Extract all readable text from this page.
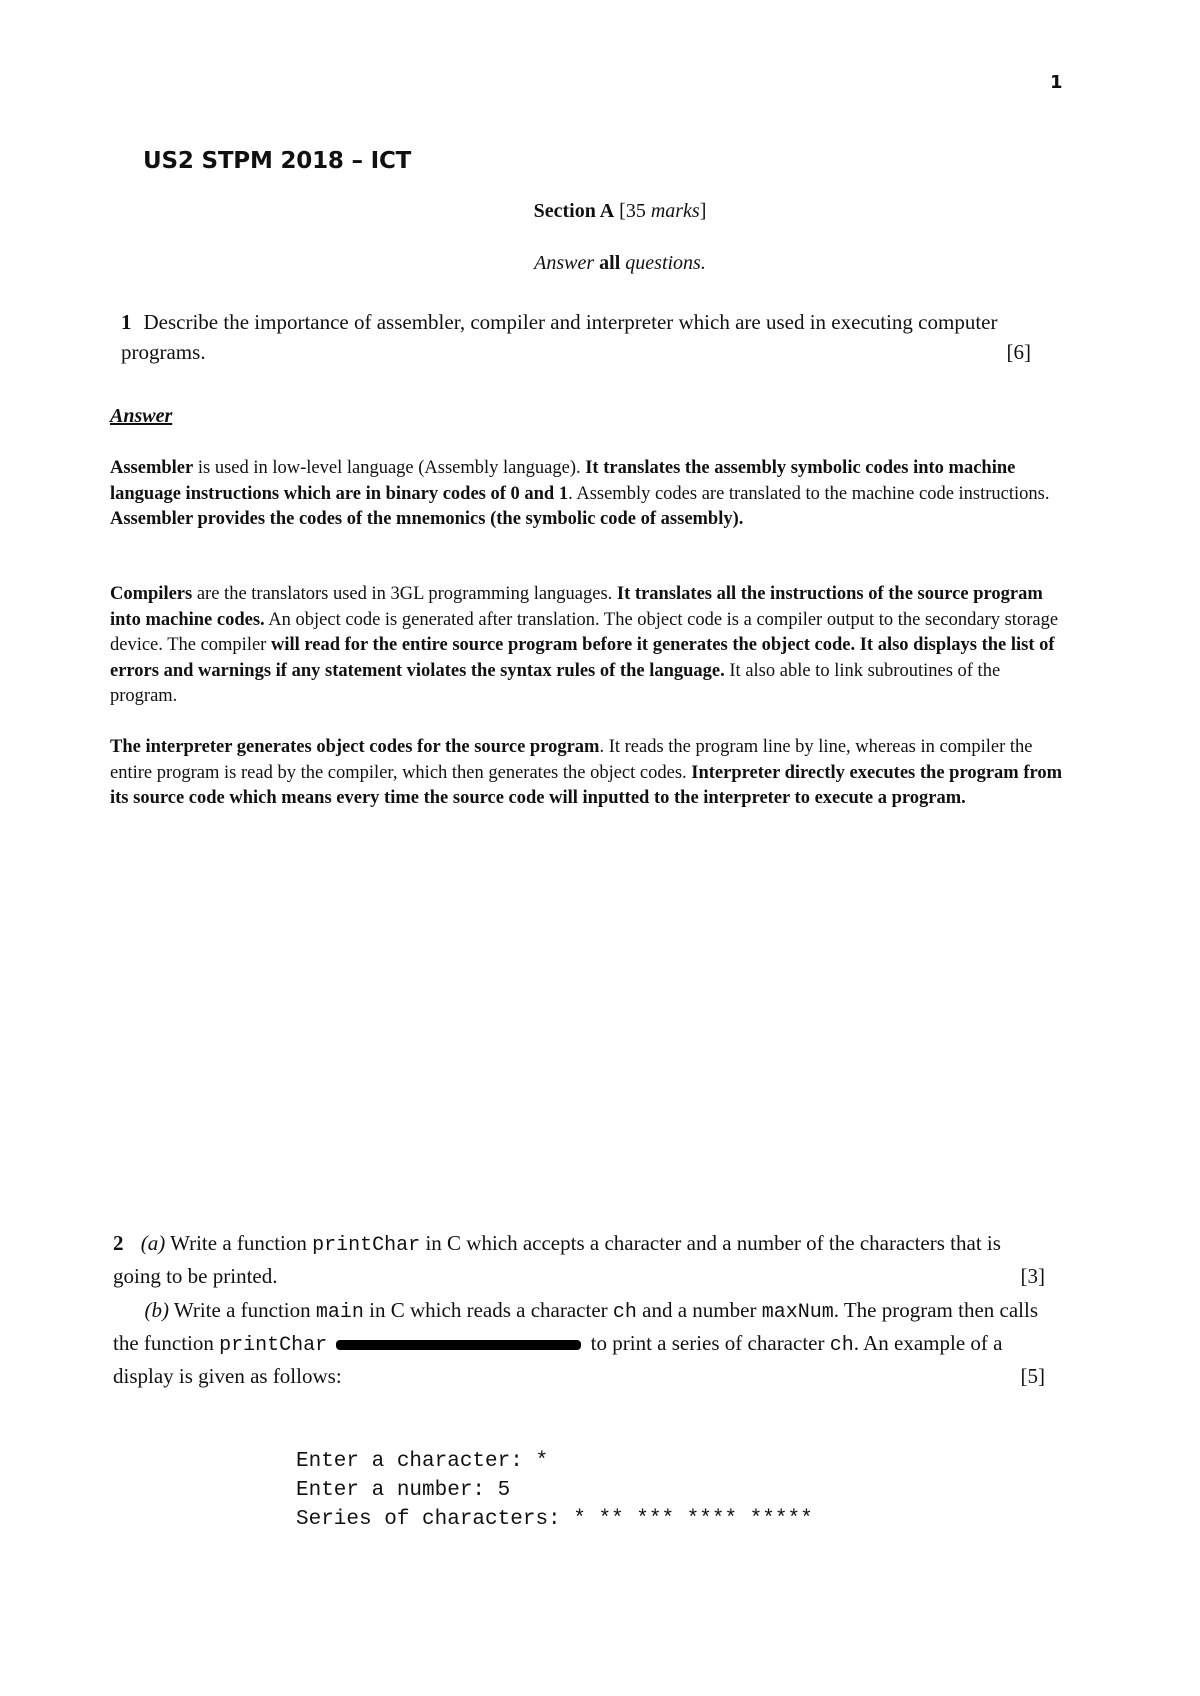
1
US2 STPM 2018 – ICT
Section A [35 marks]
Answer all questions.
1 Describe the importance of assembler, compiler and interpreter which are used in executing computer programs.	[6]
Answer
Assembler is used in low-level language (Assembly language). It translates the assembly symbolic codes into machine language instructions which are in binary codes of 0 and 1. Assembly codes are translated to the machine code instructions. Assembler provides the codes of the mnemonics (the symbolic code of assembly).
Compilers are the translators used in 3GL programming languages. It translates all the instructions of the source program into machine codes. An object code is generated after translation. The object code is a compiler output to the secondary storage device. The compiler will read for the entire source program before it generates the object code. It also displays the list of errors and warnings if any statement violates the syntax rules of the language. It also able to link subroutines of the program.
The interpreter generates object codes for the source program. It reads the program line by line, whereas in compiler the entire program is read by the compiler, which then generates the object codes. Interpreter directly executes the program from its source code which means every time the source code will inputted to the interpreter to execute a program.
2 (a) Write a function printChar in C which accepts a character and a number of the characters that is going to be printed.	[3]
(b) Write a function main in C which reads a character ch and a number maxNum. The program then calls the function printChar	to print a series of character ch. An example of a display is given as follows:	[5]

Enter a character: *
Enter a number: 5
Series of characters: * ** *** **** *****
